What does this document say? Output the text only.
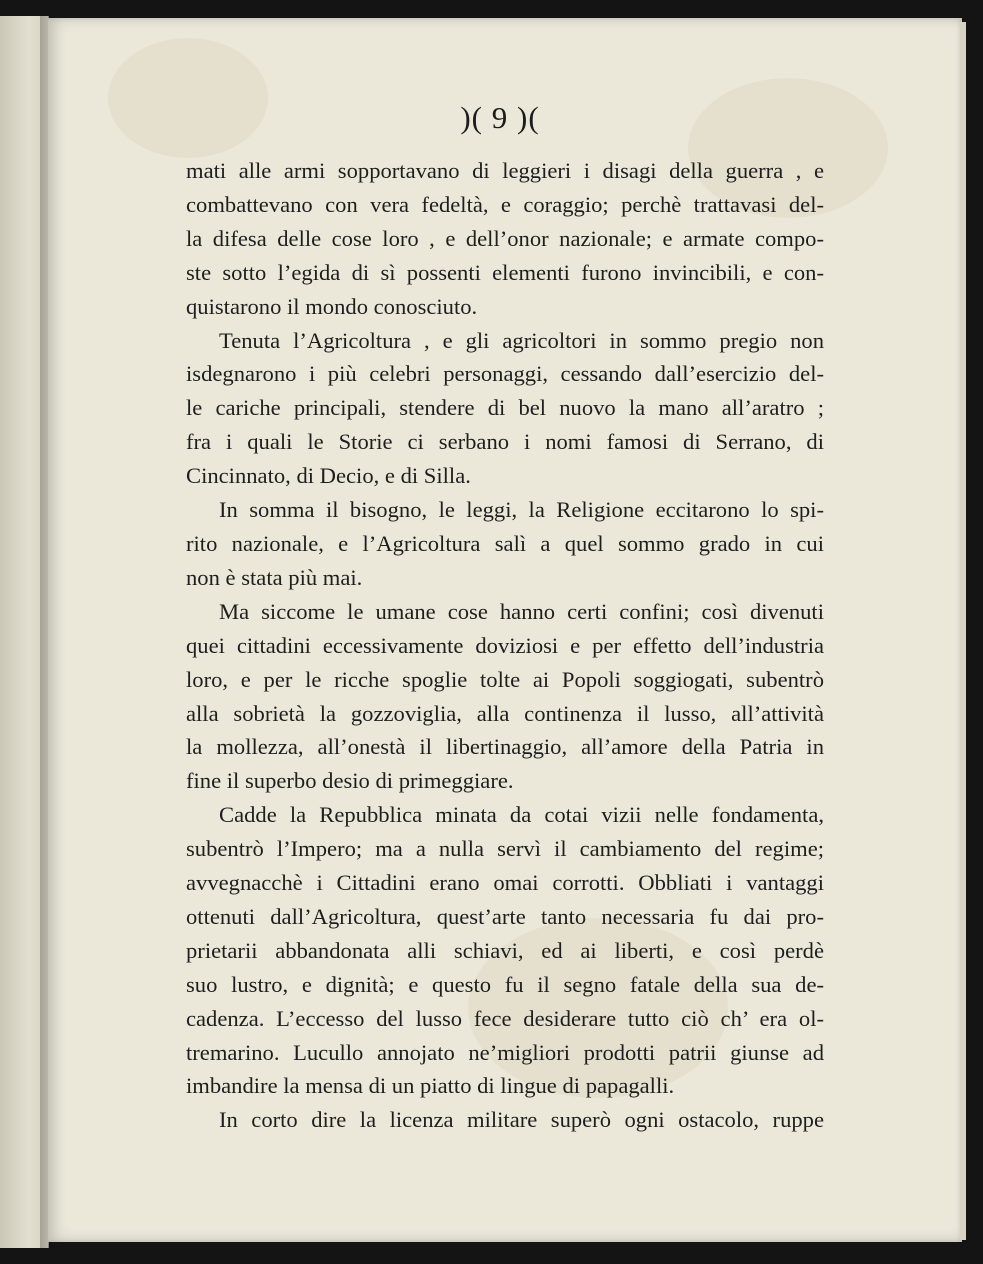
)( 9 )(
mati alle armi sopportavano di leggieri i disagi della guerra , e
combattevano con vera fedeltà, e coraggio; perchè trattavasi del-
la difesa delle cose loro , e dell’onor nazionale; e armate compo-
ste sotto l’egida di sì possenti elementi furono invincibili, e con-
quistarono il mondo conosciuto.
Tenuta l’Agricoltura , e gli agricoltori in sommo pregio non
isdegnarono i più celebri personaggi, cessando dall’esercizio del-
le cariche principali, stendere di bel nuovo la mano all’aratro ;
fra i quali le Storie ci serbano i nomi famosi di Serrano, di
Cincinnato, di Decio, e di Silla.
In somma il bisogno, le leggi, la Religione eccitarono lo spi-
rito nazionale, e l’Agricoltura salì a quel sommo grado in cui
non è stata più mai.
Ma siccome le umane cose hanno certi confini; così divenuti
quei cittadini eccessivamente doviziosi e per effetto dell’industria
loro, e per le ricche spoglie tolte ai Popoli soggiogati, subentrò
alla sobrietà la gozzoviglia, alla continenza il lusso, all’attività
la mollezza, all’onestà il libertinaggio, all’amore della Patria in
fine il superbo desio di primeggiare.
Cadde la Repubblica minata da cotai vizii nelle fondamenta,
subentrò l’Impero; ma a nulla servì il cambiamento del regime;
avvegnacchè i Cittadini erano omai corrotti. Obbliati i vantaggi
ottenuti dall’Agricoltura, quest’arte tanto necessaria fu dai pro-
prietarii abbandonata alli schiavi, ed ai liberti, e così perdè
suo lustro, e dignità; e questo fu il segno fatale della sua de-
cadenza. L’eccesso del lusso fece desiderare tutto ciò ch’ era ol-
tremarino. Lucullo annojato ne’migliori prodotti patrii giunse ad
imbandire la mensa di un piatto di lingue di papagalli.
In corto dire la licenza militare superò ogni ostacolo, ruppe
